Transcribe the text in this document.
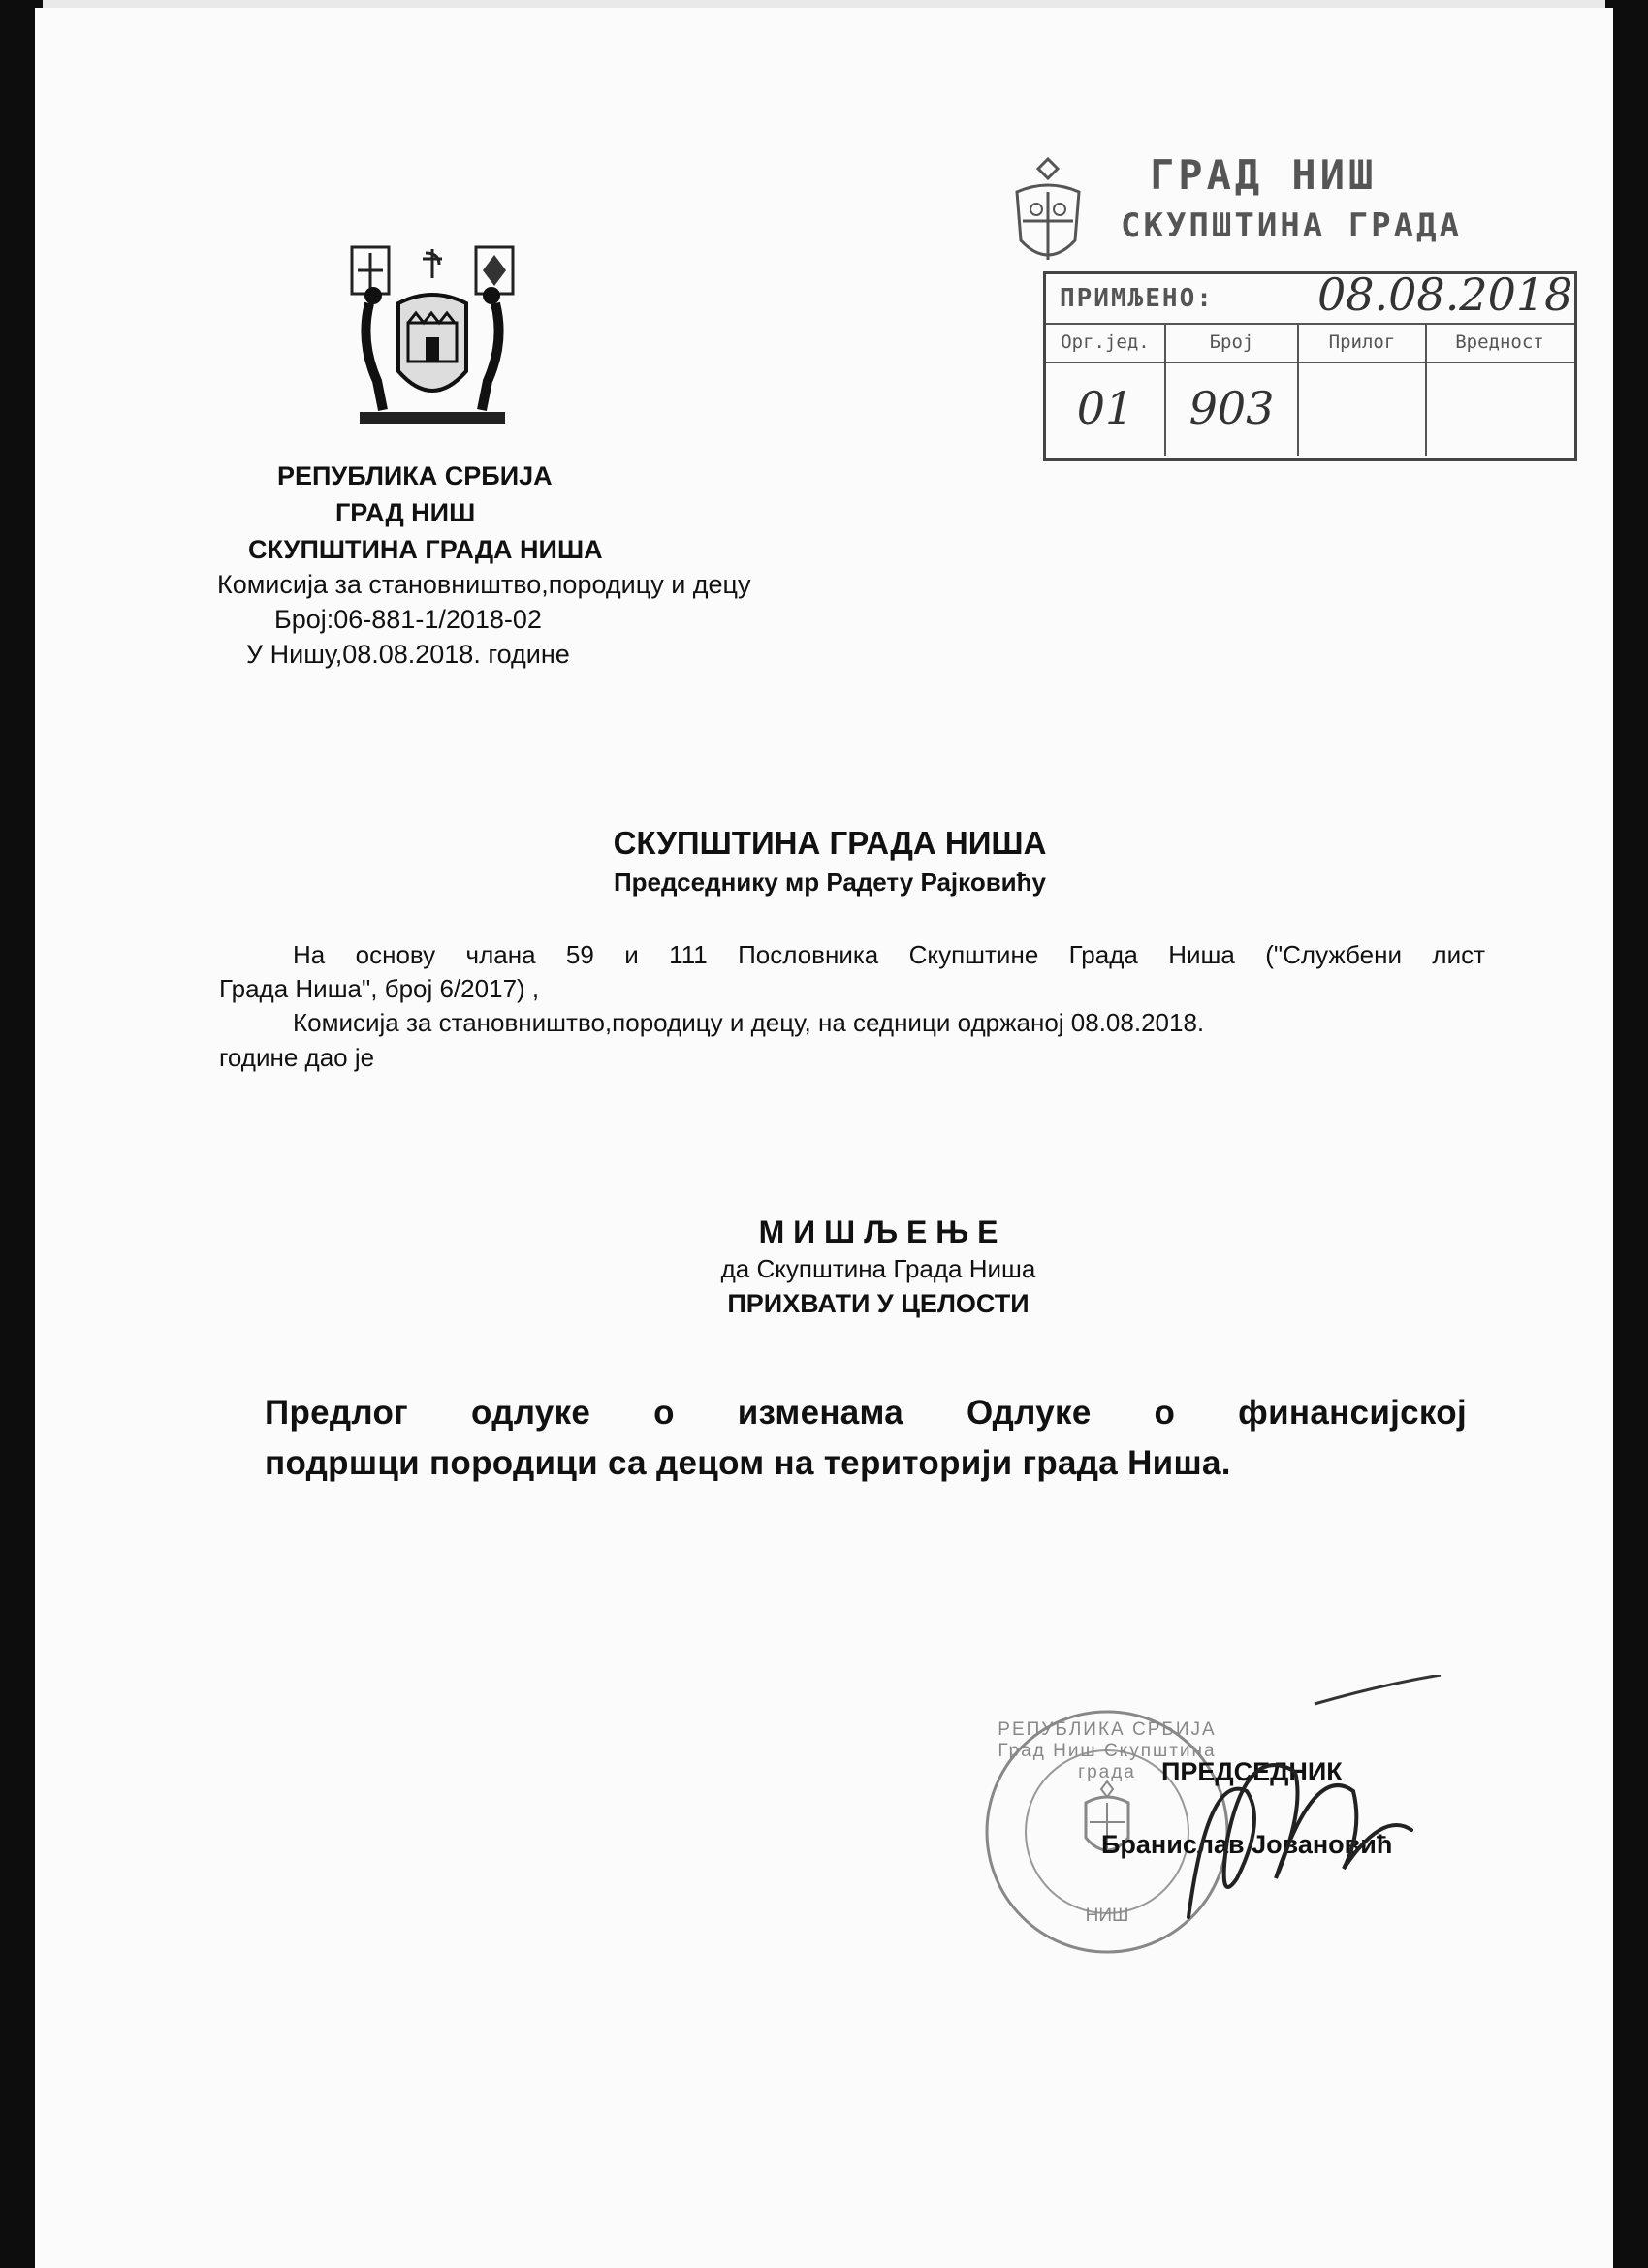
ГРАД НИШ
СКУПШТИНА ГРАДА
ПРИМЉЕНО: 08.08.2018
Орг.јед.	Број	Прилог	Вредност
01	903
РЕПУБЛИКА СРБИЈА
ГРАД НИШ
СКУПШТИНА ГРАДА НИША
Комисија за становништво,породицу и децу
Број:06-881-1/2018-02
У Нишу,08.08.2018. године
СКУПШТИНА ГРАДА НИША
Председнику мр Радету Рајковићу
На основу члана 59 и 111 Пословника Скупштине Града Ниша ("Службени лист
Града Ниша", број 6/2017) ,
Комисија за становништво,породицу и децу, на седници одржаној 08.08.2018.
године дао је
М И Ш Љ Е Њ Е
да Скупштина Града Ниша
ПРИХВАТИ У ЦЕЛОСТИ
Предлог одлуке о изменама Одлуке о финансијској
подршци породици са децом на територији града Ниша.
РЕПУБЛИКА СРБИЈА Град Ниш Скупштина града
НИШ
ПРЕДСЕДНИК
Бранислав Јовановић
